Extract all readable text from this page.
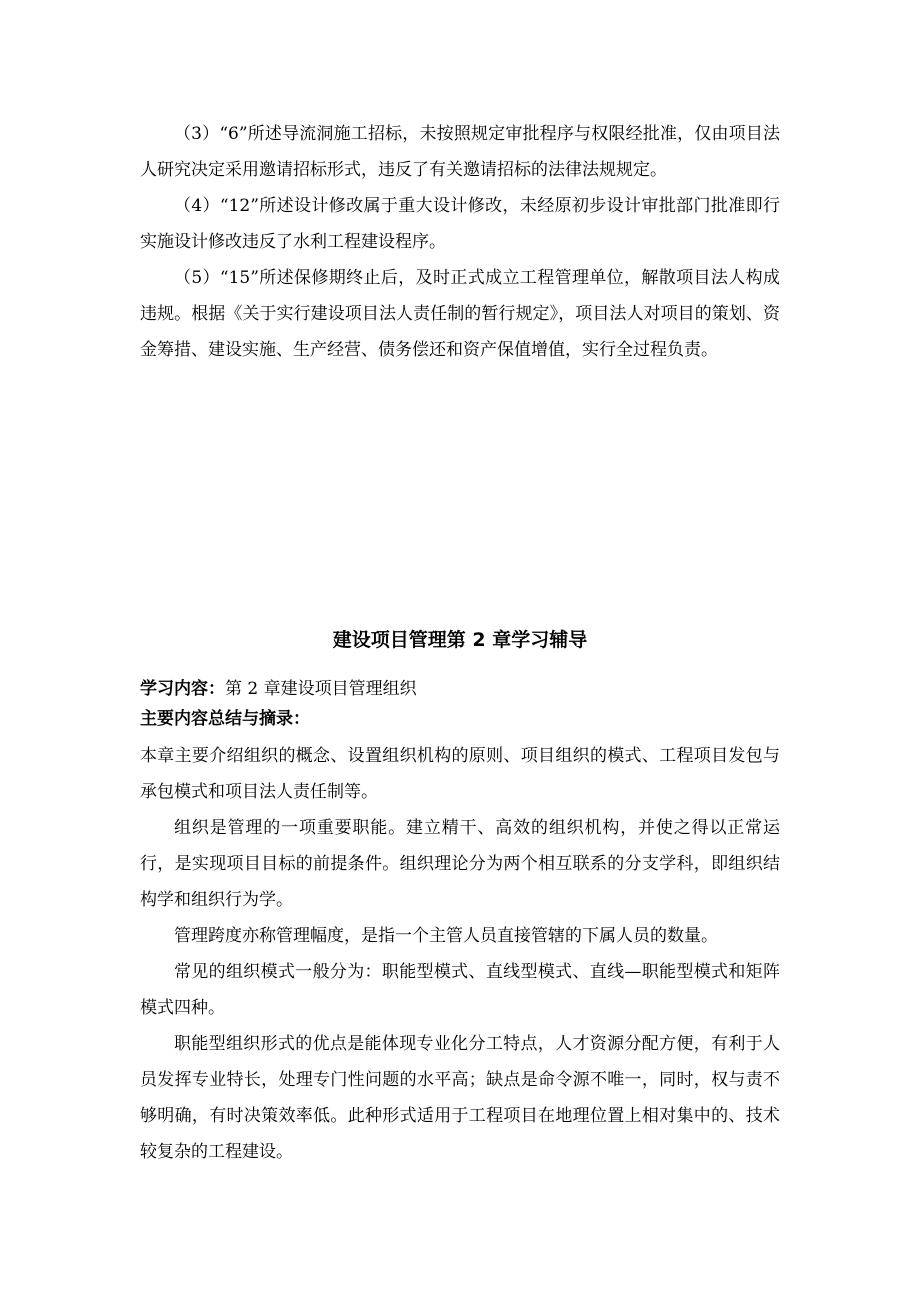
（3）“6”所述导流洞施工招标，未按照规定审批程序与权限经批准，仅由项目法人研究决定采用邀请招标形式，违反了有关邀请招标的法律法规规定。

（4）“12”所述设计修改属于重大设计修改，未经原初步设计审批部门批准即行实施设计修改违反了水利工程建设程序。

（5）“15”所述保修期终止后，及时正式成立工程管理单位，解散项目法人构成违规。根据《关于实行建设项目法人责任制的暂行规定》，项目法人对项目的策划、资金筹措、建设实施、生产经营、债务偿还和资产保值增值，实行全过程负责。

建设项目管理第 2 章学习辅导

学习内容：第 2 章建设项目管理组织

主要内容总结与摘录：

本章主要介绍组织的概念、设置组织机构的原则、项目组织的模式、工程项目发包与承包模式和项目法人责任制等。

组织是管理的一项重要职能。建立精干、高效的组织机构，并使之得以正常运行，是实现项目目标的前提条件。组织理论分为两个相互联系的分支学科，即组织结构学和组织行为学。

管理跨度亦称管理幅度，是指一个主管人员直接管辖的下属人员的数量。

常见的组织模式一般分为：职能型模式、直线型模式、直线—职能型模式和矩阵模式四种。

职能型组织形式的优点是能体现专业化分工特点，人才资源分配方便，有利于人员发挥专业特长，处理专门性问题的水平高；缺点是命令源不唯一，同时，权与责不够明确，有时决策效率低。此种形式适用于工程项目在地理位置上相对集中的、技术较复杂的工程建设。
